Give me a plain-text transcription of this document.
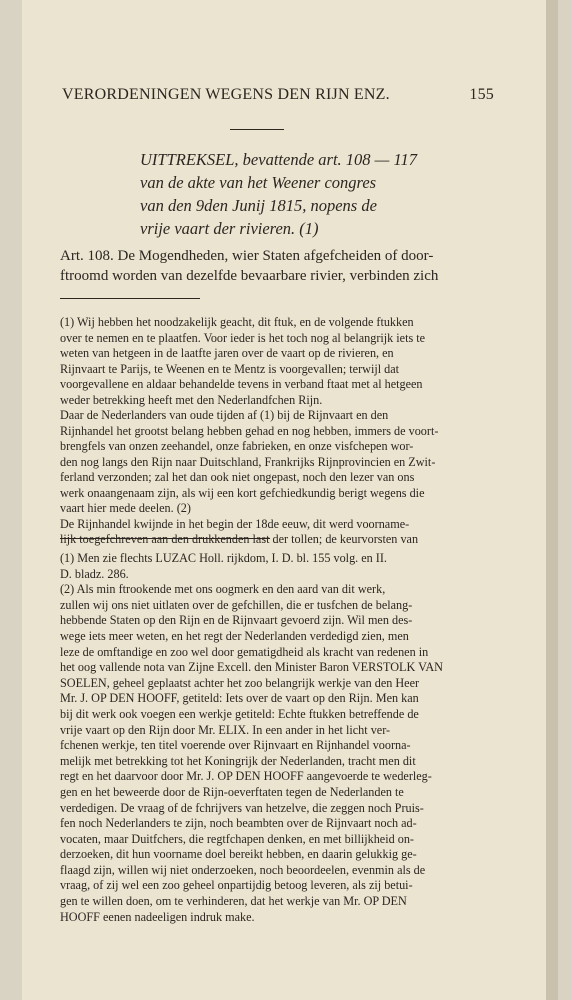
VERORDENINGEN WEGENS DEN RIJN ENZ.	155
UITTREKSEL, bevattende art. 108 — 117
van de akte van het Weener congres
van den 9den Junij 1815, nopens de
vrije vaart der rivieren. (1)
Art. 108. De Mogendheden, wier Staten afgefcheiden of door-
ftroomd worden van dezelfde bevaarbare rivier, verbinden zich
(1) Wij hebben het noodzakelijk geacht, dit ftuk, en de volgende ftukken
over te nemen en te plaatfen. Voor ieder is het toch nog al belangrijk iets te
weten van hetgeen in de laatfte jaren over de vaart op de rivieren, en
Rijnvaart te Parijs, te Weenen en te Mentz is voorgevallen; terwijl dat
voorgevallene en aldaar behandelde tevens in verband ftaat met al hetgeen
weder betrekking heeft met den Nederlandfchen Rijn.
Daar de Nederlanders van oude tijden af (1) bij de Rijnvaart en den
Rijnhandel het grootst belang hebben gehad en nog hebben, immers de voort-
brengfels van onzen zeehandel, onze fabrieken, en onze visfchepen wor-
den nog langs den Rijn naar Duitschland, Frankrijks Rijnprovincien en Zwit-
ferland verzonden; zal het dan ook niet ongepast, noch den lezer van ons
werk onaangenaam zijn, als wij een kort gefchiedkundig berigt wegens die
vaart hier mede deelen. (2)
De Rijnhandel kwijnde in het begin der 18de eeuw, dit werd voorname-
lijk toegefchreven aan den drukkenden last der tollen; de keurvorsten van
(1) Men zie flechts LUZAC Holl. rijkdom, I. D. bl. 155 volg. en II.
D. bladz. 286.
(2) Als min ftrookende met ons oogmerk en den aard van dit werk,
zullen wij ons niet uitlaten over de gefchillen, die er tusfchen de belang-
hebbende Staten op den Rijn en de Rijnvaart gevoerd zijn. Wil men des-
wege iets meer weten, en het regt der Nederlanden verdedigd zien, men
leze de omftandige en zoo wel door gematigdheid als kracht van redenen in
het oog vallende nota van Zijne Excell. den Minister Baron VERSTOLK VAN
SOELEN, geheel geplaatst achter het zoo belangrijk werkje van den Heer
Mr. J. OP DEN HOOFF, getiteld: Iets over de vaart op den Rijn. Men kan
bij dit werk ook voegen een werkje getiteld: Echte ftukken betreffende de
vrije vaart op den Rijn door Mr. ELIX. In een ander in het licht ver-
fchenen werkje, ten titel voerende over Rijnvaart en Rijnhandel voorna-
melijk met betrekking tot het Koningrijk der Nederlanden, tracht men dit
regt en het daarvoor door Mr. J. OP DEN HOOFF aangevoerde te wederleg-
gen en het beweerde door de Rijn-oeverftaten tegen de Nederlanden te
verdedigen. De vraag of de fchrijvers van hetzelve, die zeggen noch Pruis-
fen noch Nederlanders te zijn, noch beambten over de Rijnvaart noch ad-
vocaten, maar Duitfchers, die regtfchapen denken, en met billijkheid on-
derzoeken, dit hun voorname doel bereikt hebben, en daarin gelukkig ge-
flaagd zijn, willen wij niet onderzoeken, noch beoordeelen, evenmin als de
vraag, of zij wel een zoo geheel onpartijdig betoog leveren, als zij betui-
gen te willen doen, om te verhinderen, dat het werkje van Mr. OP DEN
HOOFF eenen nadeeligen indruk make.
